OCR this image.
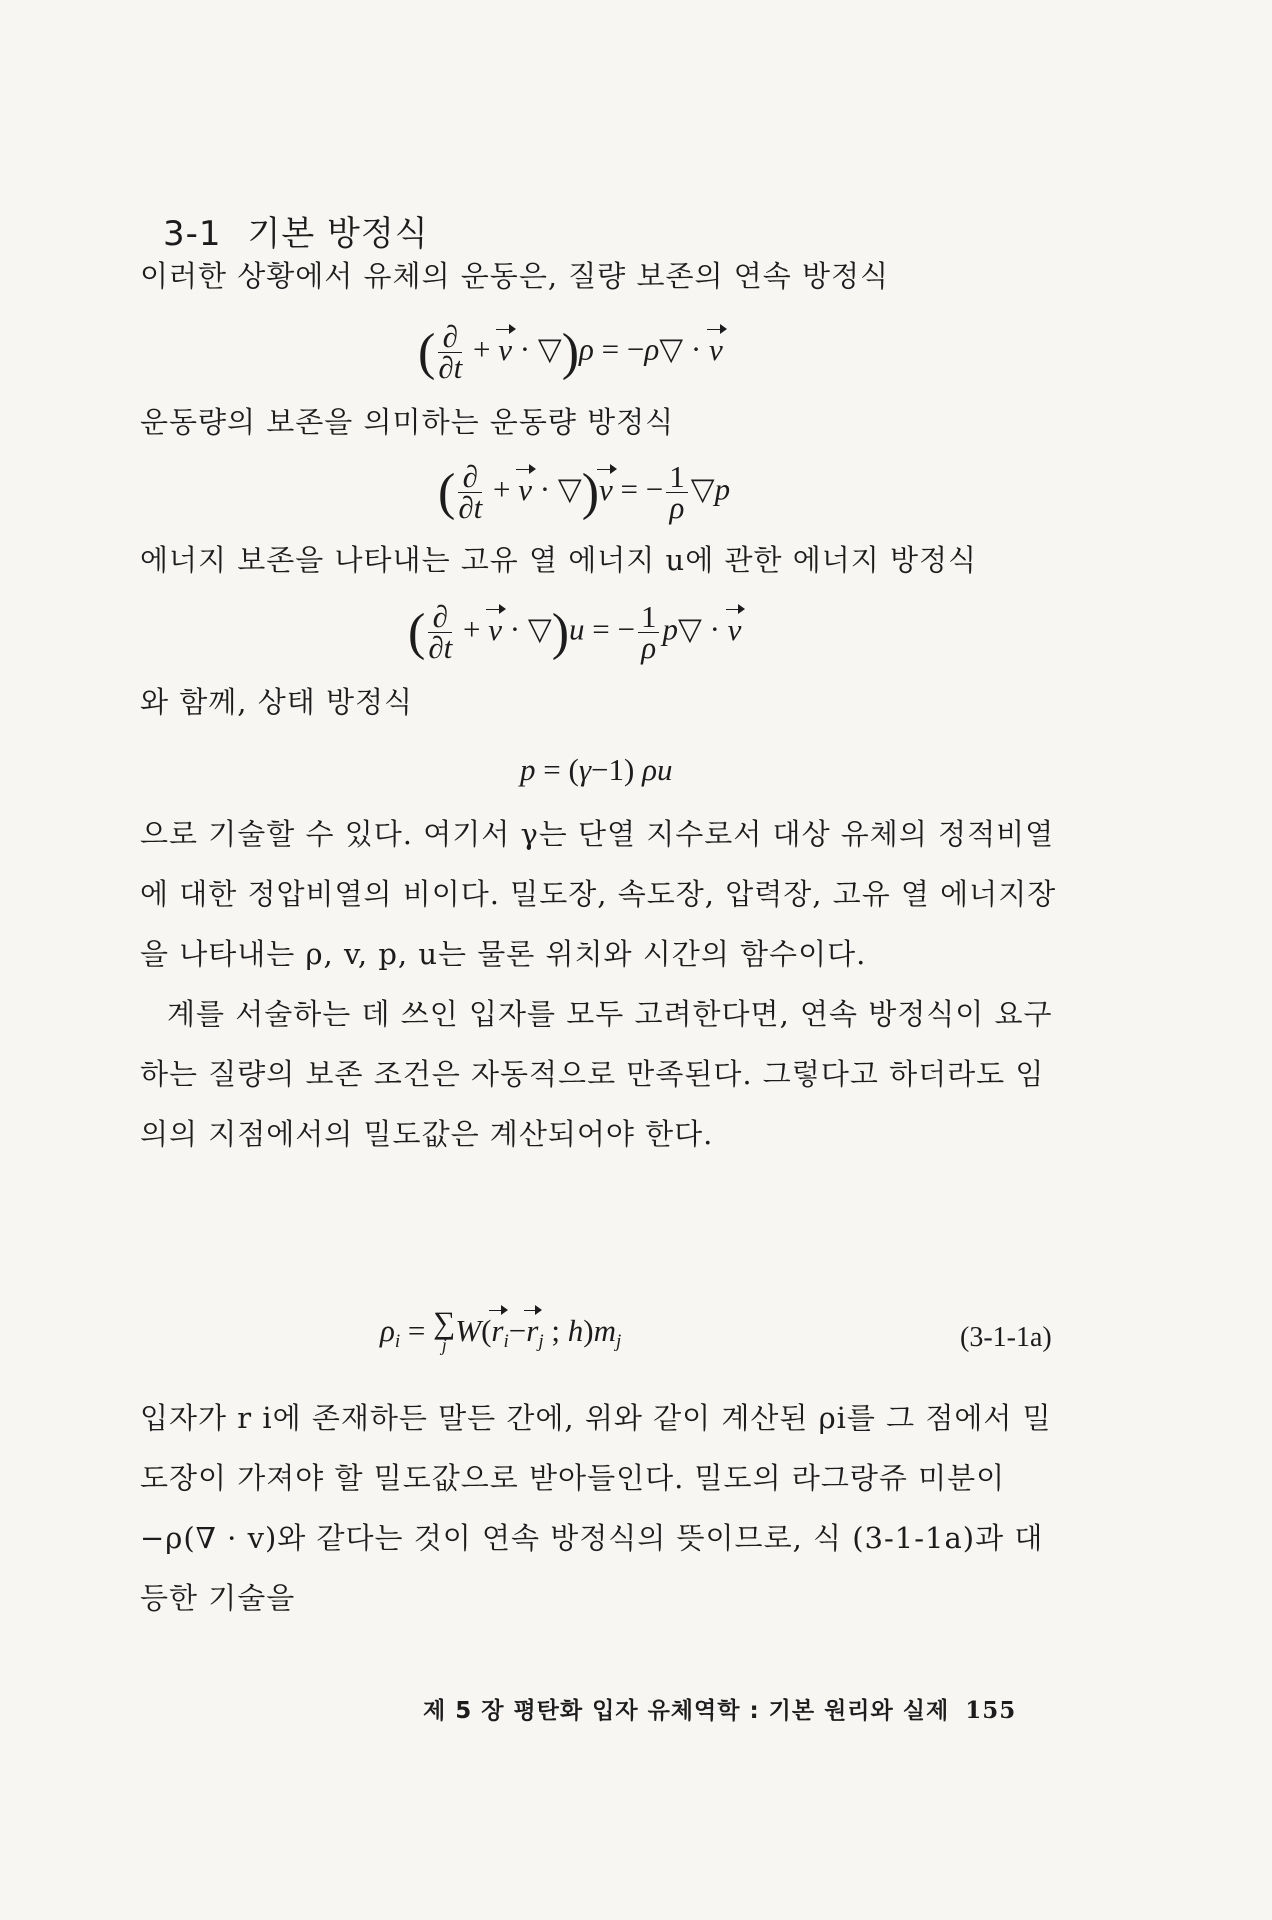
3-1 기본 방정식
이러한 상황에서 유체의 운동은, 질량 보존의 연속 방정식
( $\frac{\partial}{\partial t} + v$ · ▽)ρ = −ρ▽ · v
운동량의 보존을 의미하는 운동량 방정식
( $\frac{\partial}{\partial t} + v$ · ▽)v = − $\frac{1}{\rho}$ ▽p
에너지 보존을 나타내는 고유 열 에너지 u에 관한 에너지 방정식
( $\frac{\partial}{\partial t} + v$ · ▽)u = − $\frac{1}{\rho}$ p▽ · v
와 함께, 상태 방정식
p = (γ−1) ρu
으로 기술할 수 있다. 여기서 γ는 단열 지수로서 대상 유체의 정적비열에 대한 정압비열의 비이다. 밀도장, 속도장, 압력장, 고유 열 에너지장을 나타내는 ρ, v, p, u는 물론 위치와 시간의 함수이다.
계를 서술하는 데 쓰인 입자를 모두 고려한다면, 연속 방정식이 요구하는 질량의 보존 조건은 자동적으로 만족된다. 그렇다고 하더라도 임의의 지점에서의 밀도값은 계산되어야 한다.
$\rho_i$ = ∑
j $W(r_i-r_j$ ; $h)m_j$	(3-1-1a)
입자가 r i에 존재하든 말든 간에, 위와 같이 계산된 ρi를 그 점에서 밀도장이 가져야 할 밀도값으로 받아들인다. 밀도의 라그랑쥬 미분이 −ρ(∇ · v)와 같다는 것이 연속 방정식의 뜻이므로, 식 (3-1-1a)과 대등한 기술을
제 5 장 평탄화 입자 유체역학 : 기본 원리와 실제 155
